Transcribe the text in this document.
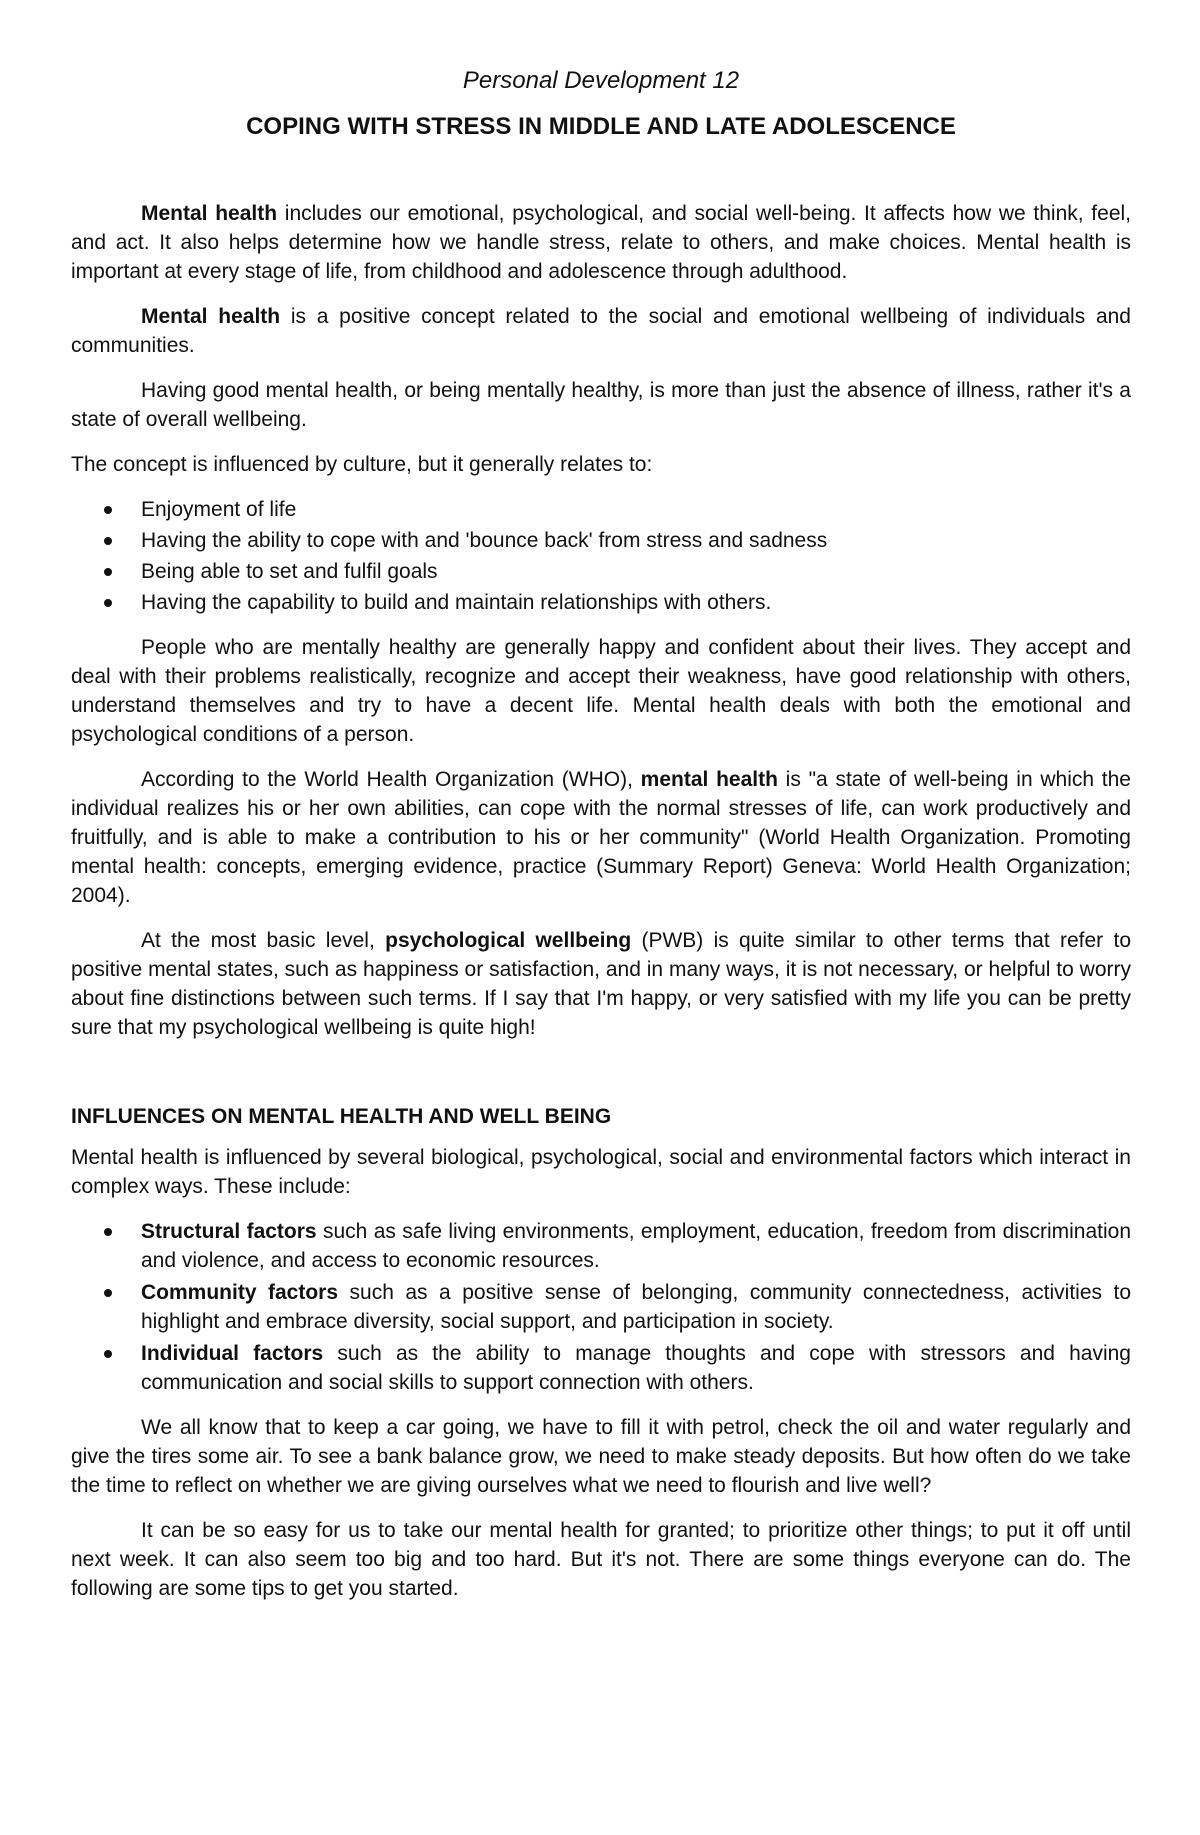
Personal Development 12
COPING WITH STRESS IN MIDDLE AND LATE ADOLESCENCE

Mental health includes our emotional, psychological, and social well-being. It affects how we think, feel, and act. It also helps determine how we handle stress, relate to others, and make choices. Mental health is important at every stage of life, from childhood and adolescence through adulthood.

Mental health is a positive concept related to the social and emotional wellbeing of individuals and communities.

Having good mental health, or being mentally healthy, is more than just the absence of illness, rather it's a state of overall wellbeing.

The concept is influenced by culture, but it generally relates to:

Enjoyment of life
Having the ability to cope with and 'bounce back' from stress and sadness
Being able to set and fulfil goals
Having the capability to build and maintain relationships with others.

People who are mentally healthy are generally happy and confident about their lives. They accept and deal with their problems realistically, recognize and accept their weakness, have good relationship with others, understand themselves and try to have a decent life. Mental health deals with both the emotional and psychological conditions of a person.

According to the World Health Organization (WHO), mental health is "a state of well-being in which the individual realizes his or her own abilities, can cope with the normal stresses of life, can work productively and fruitfully, and is able to make a contribution to his or her community" (World Health Organization. Promoting mental health: concepts, emerging evidence, practice (Summary Report) Geneva: World Health Organization; 2004).

At the most basic level, psychological wellbeing (PWB) is quite similar to other terms that refer to positive mental states, such as happiness or satisfaction, and in many ways, it is not necessary, or helpful to worry about fine distinctions between such terms. If I say that I'm happy, or very satisfied with my life you can be pretty sure that my psychological wellbeing is quite high!

INFLUENCES ON MENTAL HEALTH AND WELL BEING

Mental health is influenced by several biological, psychological, social and environmental factors which interact in complex ways. These include:

Structural factors such as safe living environments, employment, education, freedom from discrimination and violence, and access to economic resources.
Community factors such as a positive sense of belonging, community connectedness, activities to highlight and embrace diversity, social support, and participation in society.
Individual factors such as the ability to manage thoughts and cope with stressors and having communication and social skills to support connection with others.

We all know that to keep a car going, we have to fill it with petrol, check the oil and water regularly and give the tires some air. To see a bank balance grow, we need to make steady deposits. But how often do we take the time to reflect on whether we are giving ourselves what we need to flourish and live well?

It can be so easy for us to take our mental health for granted; to prioritize other things; to put it off until next week. It can also seem too big and too hard. But it's not. There are some things everyone can do. The following are some tips to get you started.
